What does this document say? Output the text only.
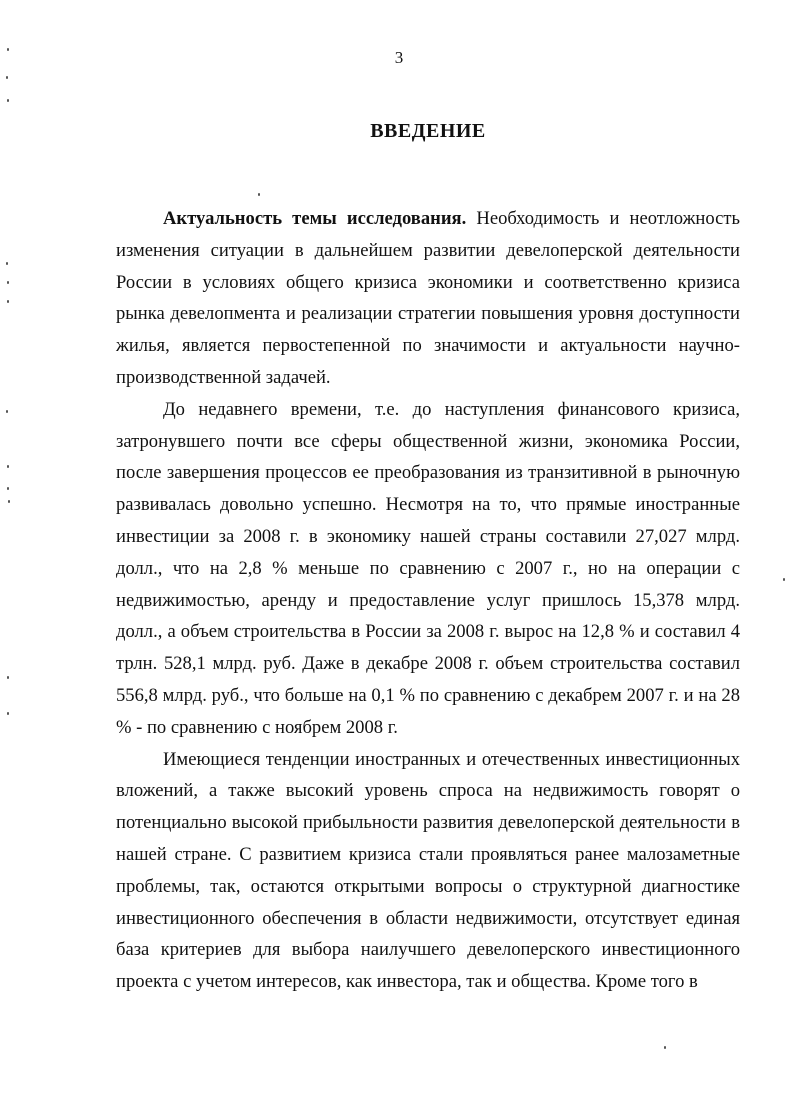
3
ВВЕДЕНИЕ

Актуальность темы исследования. Необходимость и неотложность изменения ситуации в дальнейшем развитии девелоперской деятельности России в условиях общего кризиса экономики и соответственно кризиса рынка девелопмента и реализации стратегии повышения уровня доступности жилья, является первостепенной по значимости и актуальности научно-производственной задачей.

До недавнего времени, т.е. до наступления финансового кризиса, затронувшего почти все сферы общественной жизни, экономика России, после завершения процессов ее преобразования из транзитивной в рыночную развивалась довольно успешно. Несмотря на то, что прямые иностранные инвестиции за 2008 г. в экономику нашей страны составили 27,027 млрд. долл., что на 2,8 % меньше по сравнению с 2007 г., но на операции с недвижимостью, аренду и предоставление услуг пришлось 15,378 млрд. долл., а объем строительства в России за 2008 г. вырос на 12,8 % и составил 4 трлн. 528,1 млрд. руб. Даже в декабре 2008 г. объем строительства составил 556,8 млрд. руб., что больше на 0,1 % по сравнению с декабрем 2007 г. и на 28 % - по сравнению с ноябрем 2008 г.

Имеющиеся тенденции иностранных и отечественных инвестиционных вложений, а также высокий уровень спроса на недвижимость говорят о потенциально высокой прибыльности развития девелоперской деятельности в нашей стране. С развитием кризиса стали проявляться ранее малозаметные проблемы, так, остаются открытыми вопросы о структурной диагностике инвестиционного обеспечения в области недвижимости, отсутствует единая база критериев для выбора наилучшего девелоперского инвестиционного проекта с учетом интересов, как инвестора, так и общества. Кроме того в
